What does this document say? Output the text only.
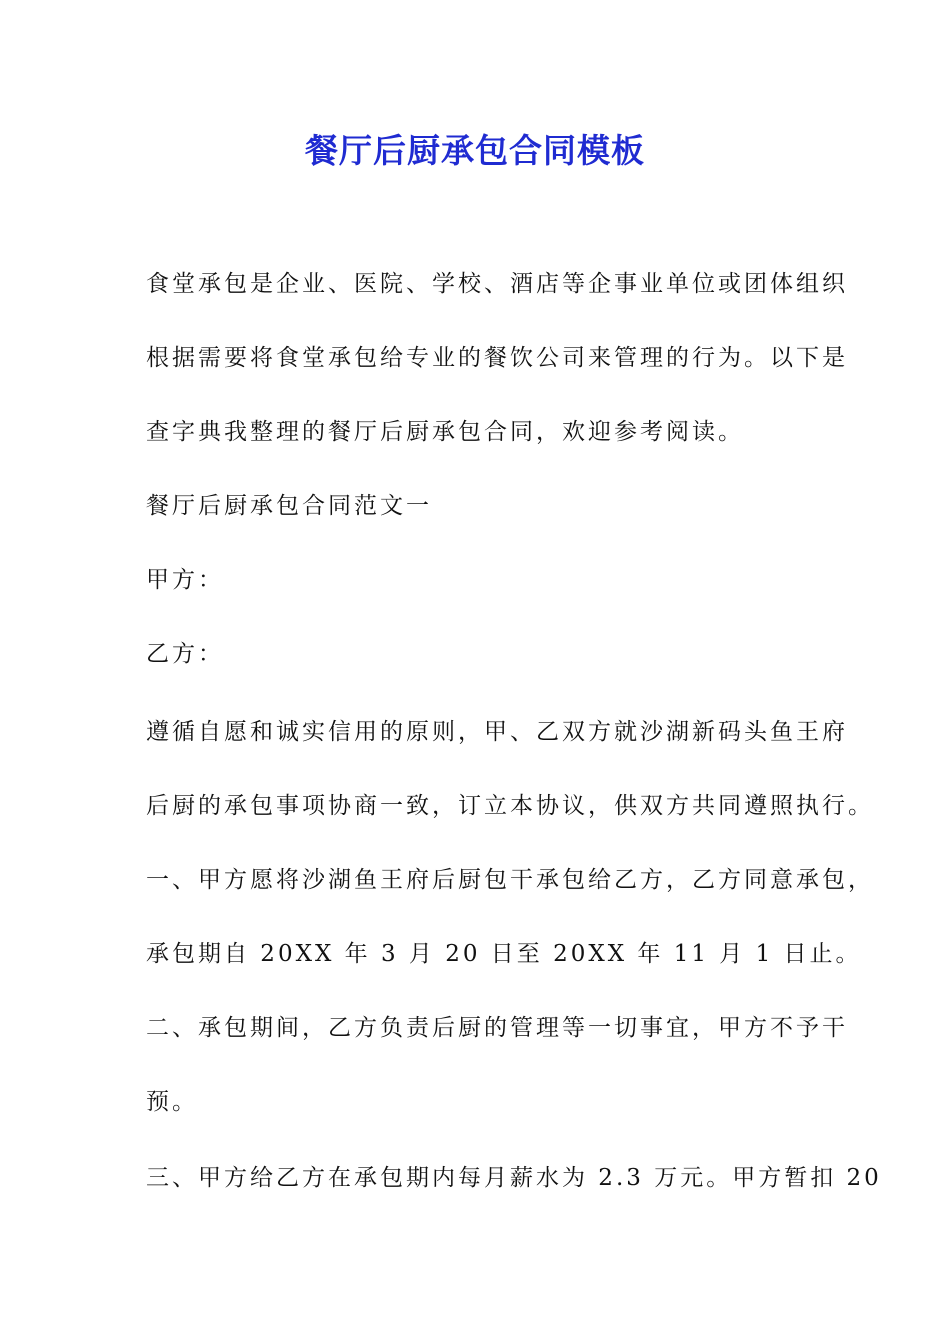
餐厅后厨承包合同模板
食堂承包是企业、医院、学校、酒店等企事业单位或团体组织
根据需要将食堂承包给专业的餐饮公司来管理的行为。以下是
查字典我整理的餐厅后厨承包合同，欢迎参考阅读。
餐厅后厨承包合同范文一
甲方：
乙方：
遵循自愿和诚实信用的原则，甲、乙双方就沙湖新码头鱼王府
后厨的承包事项协商一致，订立本协议，供双方共同遵照执行。
一、甲方愿将沙湖鱼王府后厨包干承包给乙方，乙方同意承包，
承包期自 20XX 年 3 月 20 日至 20XX 年 11 月 1 日止。
二、承包期间，乙方负责后厨的管理等一切事宜，甲方不予干
预。
三、甲方给乙方在承包期内每月薪水为 2.3 万元。甲方暂扣 20
